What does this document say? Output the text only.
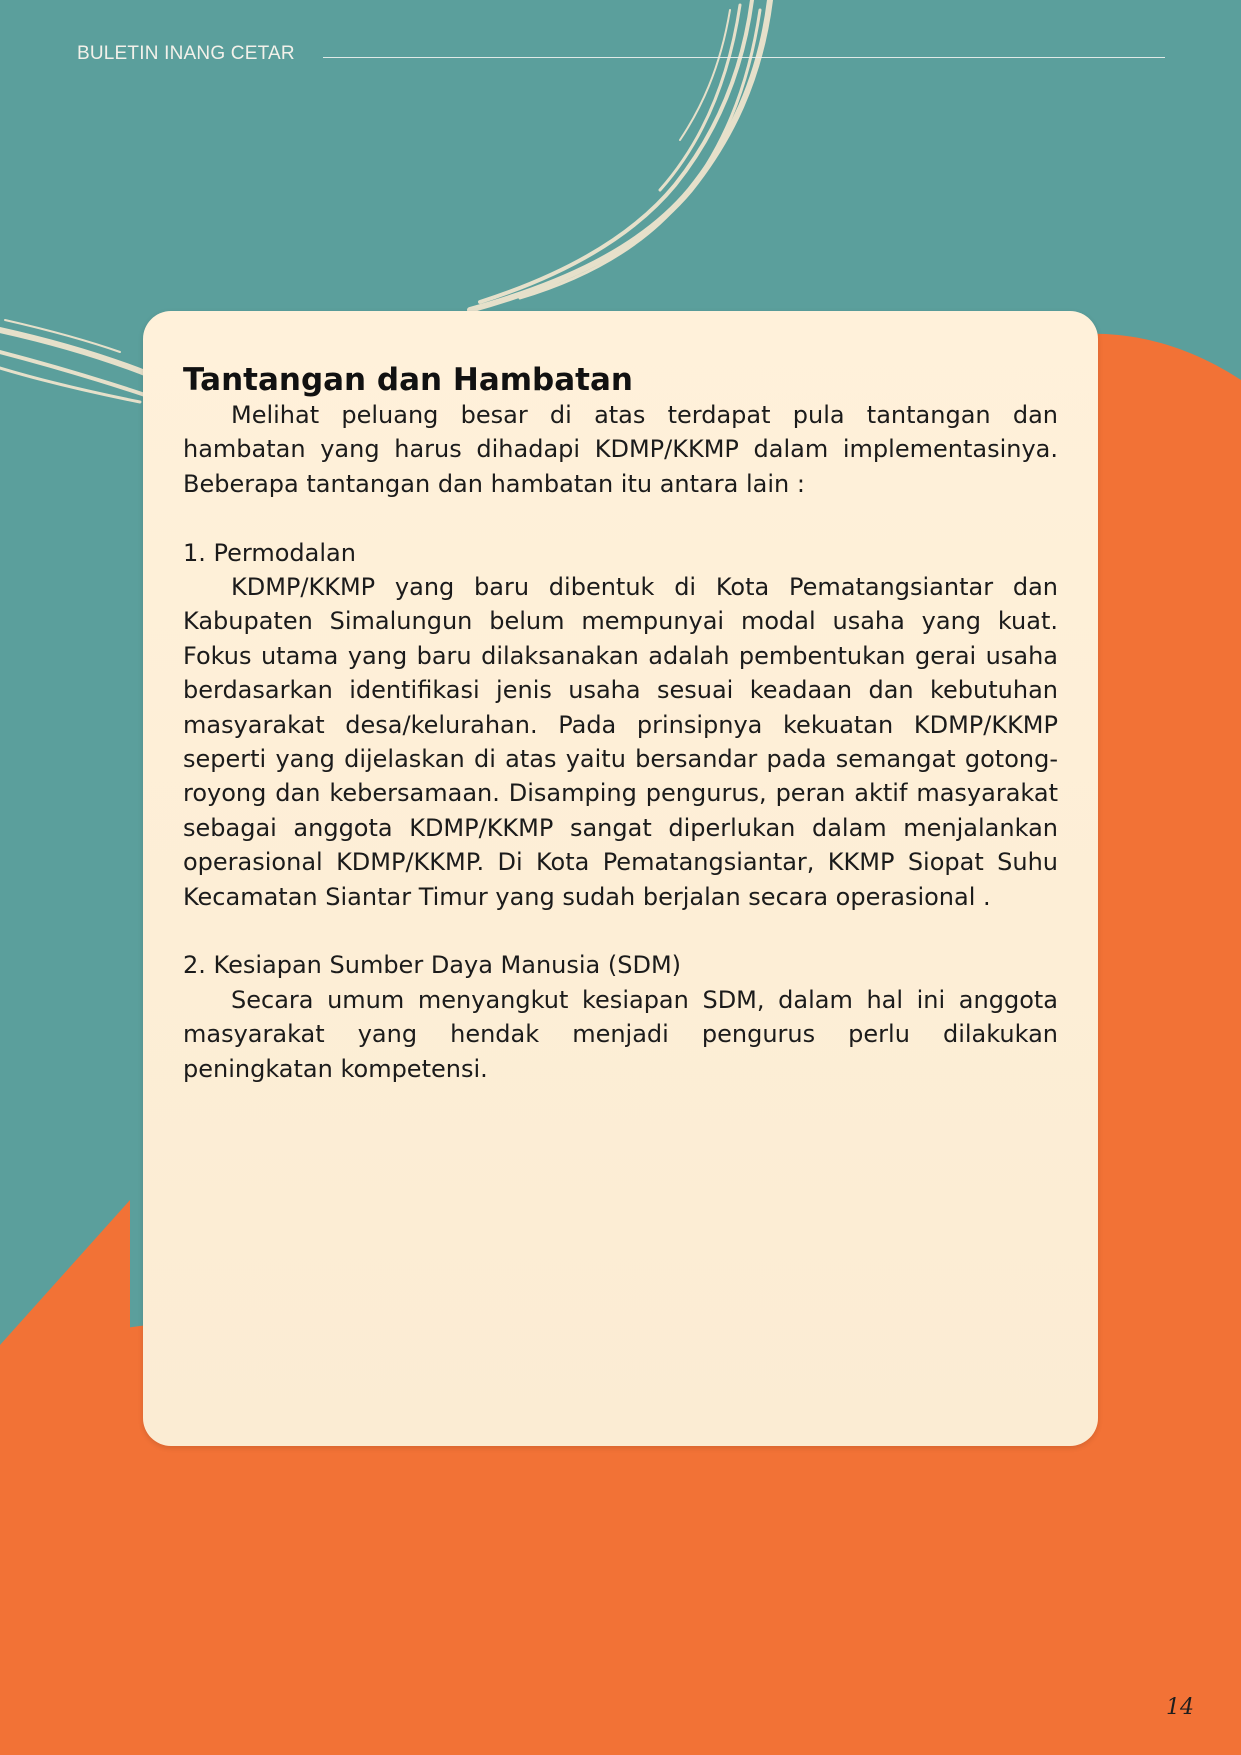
BULETIN INANG CETAR
Tantangan dan Hambatan

Melihat peluang besar di atas terdapat pula tantangan dan hambatan yang harus dihadapi KDMP/KKMP dalam implementasinya. Beberapa tantangan dan hambatan itu antara lain :

1. Permodalan

KDMP/KKMP yang baru dibentuk di Kota Pematangsiantar dan Kabupaten Simalungun belum mempunyai modal usaha yang kuat. Fokus utama yang baru dilaksanakan adalah pembentukan gerai usaha berdasarkan identifikasi jenis usaha sesuai keadaan dan kebutuhan masyarakat desa/kelurahan. Pada prinsipnya kekuatan KDMP/KKMP seperti yang dijelaskan di atas yaitu bersandar pada semangat gotong-royong dan kebersamaan. Disamping pengurus, peran aktif masyarakat sebagai anggota KDMP/KKMP sangat diperlukan dalam menjalankan operasional KDMP/KKMP. Di Kota Pematangsiantar, KKMP Siopat Suhu Kecamatan Siantar Timur yang sudah berjalan secara operasional .

2. Kesiapan Sumber Daya Manusia (SDM)

Secara umum menyangkut kesiapan SDM, dalam hal ini anggota masyarakat yang hendak menjadi pengurus perlu dilakukan peningkatan kompetensi.

14
